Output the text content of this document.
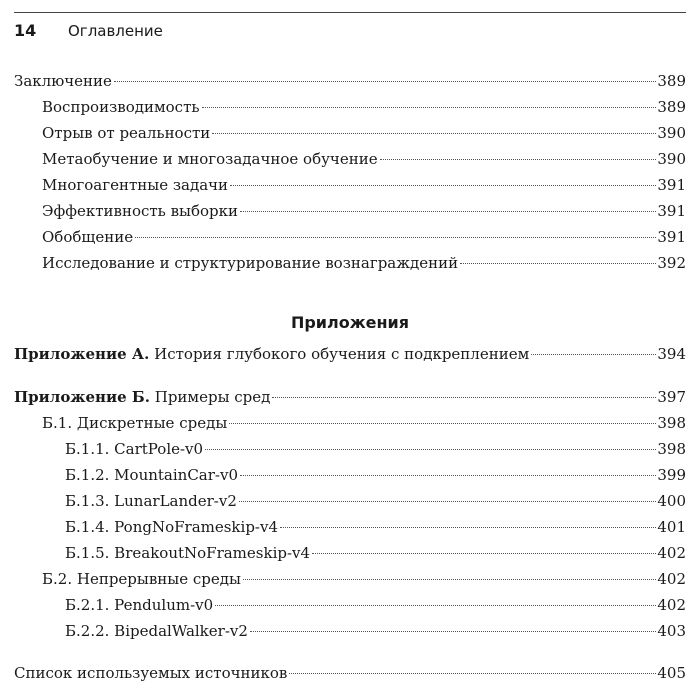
14 Оглавление
Заключение	389
Воспроизводимость	389
Отрыв от реальности	390
Метаобучение и многозадачное обучение	390
Многоагентные задачи	391
Эффективность выборки	391
Обобщение	391
Исследование и структурирование вознаграждений	392
Приложения
Приложение А. История глубокого обучения с подкреплением	394
Приложение Б. Примеры сред	397
Б.1. Дискретные среды	398
Б.1.1. CartPole-v0	398
Б.1.2. MountainCar-v0	399
Б.1.3. LunarLander-v2	400
Б.1.4. PongNoFrameskip-v4	401
Б.1.5. BreakoutNoFrameskip-v4	402
Б.2. Непрерывные среды	402
Б.2.1. Pendulum-v0	402
Б.2.2. BipedalWalker-v2	403
Список используемых источников	405
